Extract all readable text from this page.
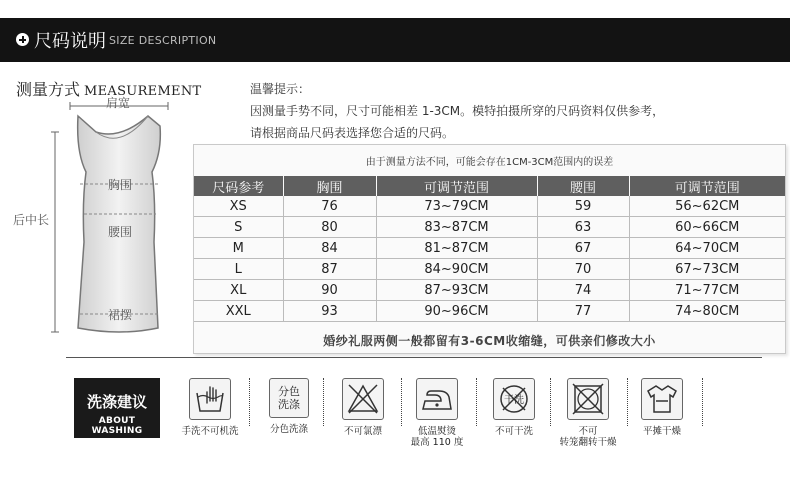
尺码说明 SIZE DESCRIPTION
测量方式 MEASUREMENT
肩宽
后中长
胸围
腰围
裙摆
温馨提示：
因测量手势不同，尺寸可能相差 1-3CM。模特拍摄所穿的尺码资料仅供参考，
请根据商品尺码表选择您合适的尺码。
由于测量方法不同，可能会存在1CM-3CM范围内的误差
尺码参考	胸围	可调节范围	腰围	可调节范围
XS	76	73~79CM	59	56~62CM
S	80	83~87CM	63	60~66CM
M	84	81~87CM	67	64~70CM
L	87	84~90CM	70	67~73CM
XL	90	87~93CM	74	71~77CM
XXL	93	90~96CM	77	74~80CM
婚纱礼服两侧一般都留有3-6CM收缩缝，可供亲们修改大小
洗涤建议
ABOUT WASHING	手洗不可机洗
分色
洗涤
分色洗涤	不可氯漂	低温熨烫
最高 110 度
干洗
不可干洗	不可
转笼翻转干燥
平摊干燥
